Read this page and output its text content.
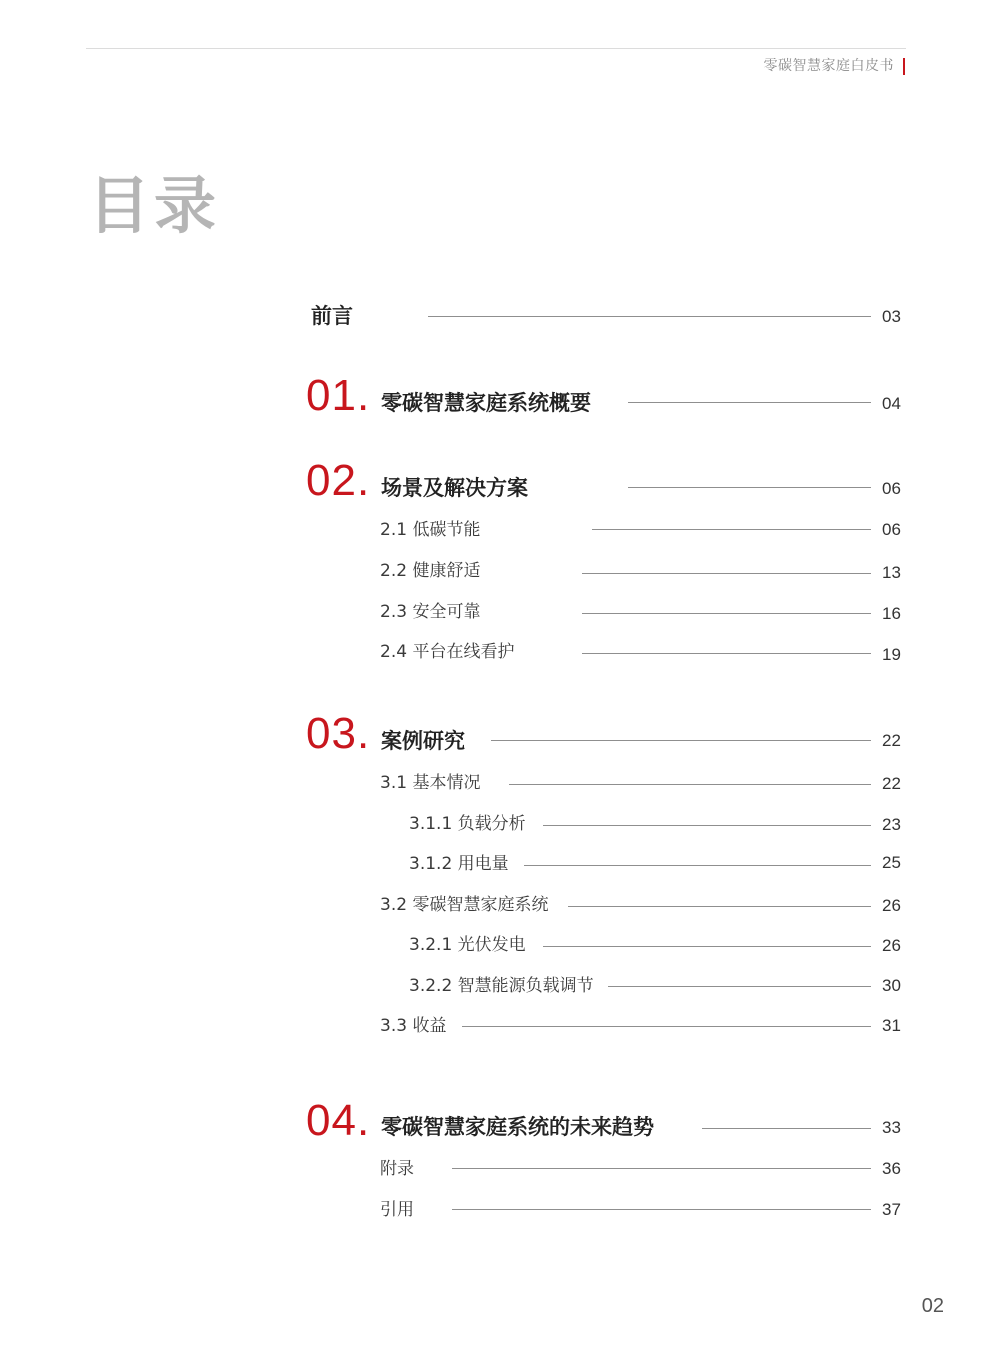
零碳智慧家庭白皮书
目录
前言	03
01. 零碳智慧家庭系统概要	04
02. 场景及解决方案	06
2.1 低碳节能	06
2.2 健康舒适	13
2.3 安全可靠	16
2.4 平台在线看护	19
03. 案例研究	22
3.1 基本情况	22
3.1.1 负载分析	23
3.1.2 用电量	25
3.2 零碳智慧家庭系统	26
3.2.1 光伏发电	26
3.2.2 智慧能源负载调节	30
3.3 收益	31
04. 零碳智慧家庭系统的未来趋势	33
附录	36
引用	37
02
